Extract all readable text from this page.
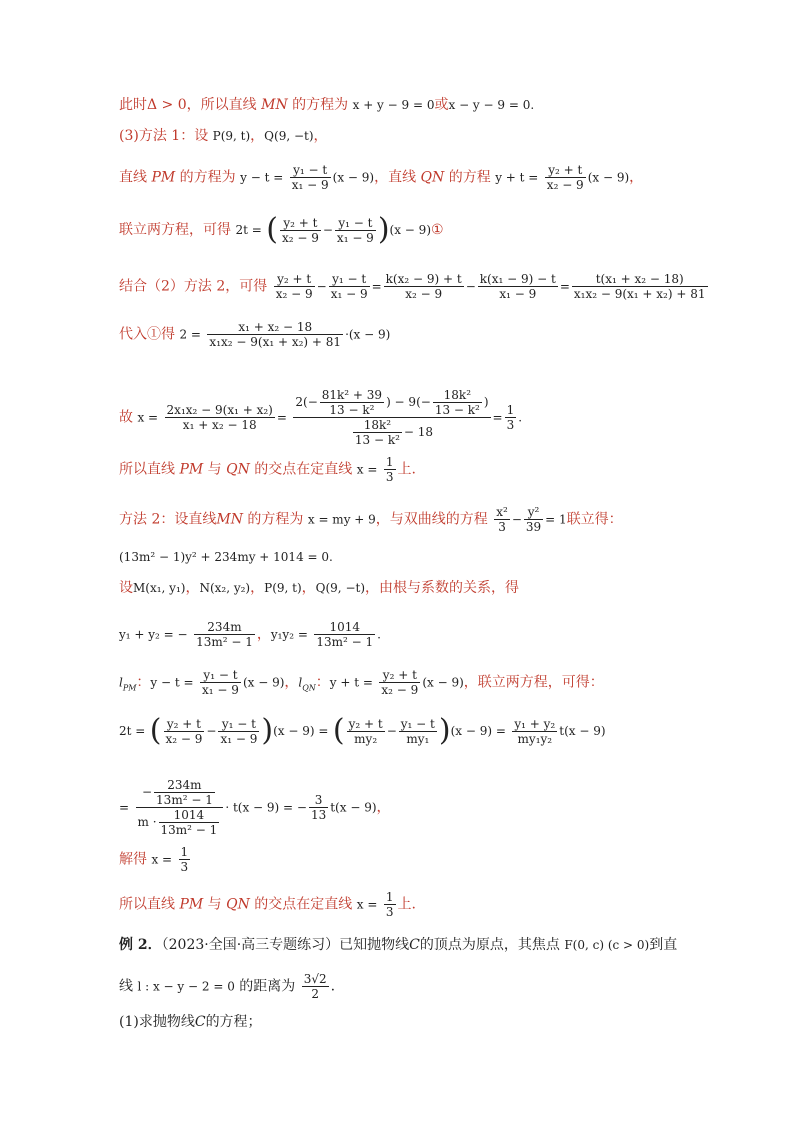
此时Δ > 0，所以直线 MN 的方程为 x + y − 9 = 0或x − y − 9 = 0.
(3)方法 1：设 P(9, t)，Q(9, −t)，
直线 PM 的方程为 $y - t = \frac{\text{y₁ − t}}{\text{x₁ − 9}} (x - 9)$，直线 QN 的方程 $y + t = \frac{\text{y₂ + t}}{\text{x₂ − 9}} (x - 9)$，
联立两方程，可得 2t = ( $\frac{\text{y₂ + t}}{\text{x₂ − 9}} - \frac{\text{y₁ − t}}{\text{x₁ − 9}} )(x$ − 9)①
结合（2）方法 2，可得 $\frac{\text{y₂ + t}}{\text{x₂ − 9}} - \frac{\text{y₁ − t}}{\text{x₁ − 9}} = \frac{\text{k(x₂ − 9) + t}}{\text{x₂ − 9}} - \frac{\text{k(x₁ − 9) − t}}{\text{x₁ − 9}} = \frac{\text{t(x₁ + x₂ − 18)}}{\text{x₁x₂ − 9(x₁ + x₂) + 81}}$
代入①得 $2 = \frac{\text{x₁ + x₂ − 18}}{\text{x₁x₂ − 9(x₁ + x₂) + 81}} \cdot(x - 9)$
故 $x = \frac{\text{2x₁x₂ − 9(x₁ + x₂)}}{\text{x₁ + x₂ − 18}} = \frac{2(- \frac{\text{81k² + 39}}{\text{13 − k²}} ) - 9(- \frac{\text{18k²}}{\text{13 − k²}} )}{\frac{\text{18k²}}{\text{13 − k²}} - 18} = \frac{1}{3}$ .
所以直线 PM 与 QN 的交点在定直线 $x = \frac{1}{3}$ 上.
方法 2：设直线MN 的方程为 x = my + 9，与双曲线的方程 $\frac{\text{x²}}{3} - \frac{\text{y²}}{39} = 1$联立得：
(13m² − 1)y² + 234my + 1014 = 0.
设M(x₁, y₁)，N(x₂, y₂)，P(9, t)，Q(9, −t)，由根与系数的关系，得
y₁ + y₂ = − $\frac{234m}{\text{13m² − 1}}$ ，$y_1y_2 = \frac{1014}{\text{13m² − 1}}$ .
$l_{PM}$：$y - t = \frac{\text{y₁ − t}}{\text{x₁ − 9}} (x - 9)$，$l_{QN}$：$y + t = \frac{\text{y₂ + t}}{\text{x₂ − 9}} (x - 9)$，联立两方程，可得：
2t = ( $\frac{\text{y₂ + t}}{\text{x₂ − 9}} - \frac{\text{y₁ − t}}{\text{x₁ − 9}} )(x - 9)$ = ( $\frac{\text{y₂ + t}}{\text{my₂}} - \frac{\text{y₁ − t}}{\text{my₁}} )(x - 9) = \frac{\text{y₁ + y₂}}{\text{my₁y₂}} t(x - 9)$
= $\frac{- \frac{234m}{\text{13m² − 1}}}{m \cdot \frac{1014}{\text{13m² − 1}}} \cdot t(x - 9)$ = − $\frac{3}{13} t(x - 9)$，
解得 $x = \frac{1}{3}$
所以直线 PM 与 QN 的交点在定直线 $x = \frac{1}{3}$ 上.
例 2．（2023·全国·高三专题练习）已知抛物线C的顶点为原点，其焦点 F(0, c) (c > 0)到直
线 l : x − y − 2 = 0 的距离为 $\frac{3√2}{2}$ .
(1)求抛物线C的方程；
